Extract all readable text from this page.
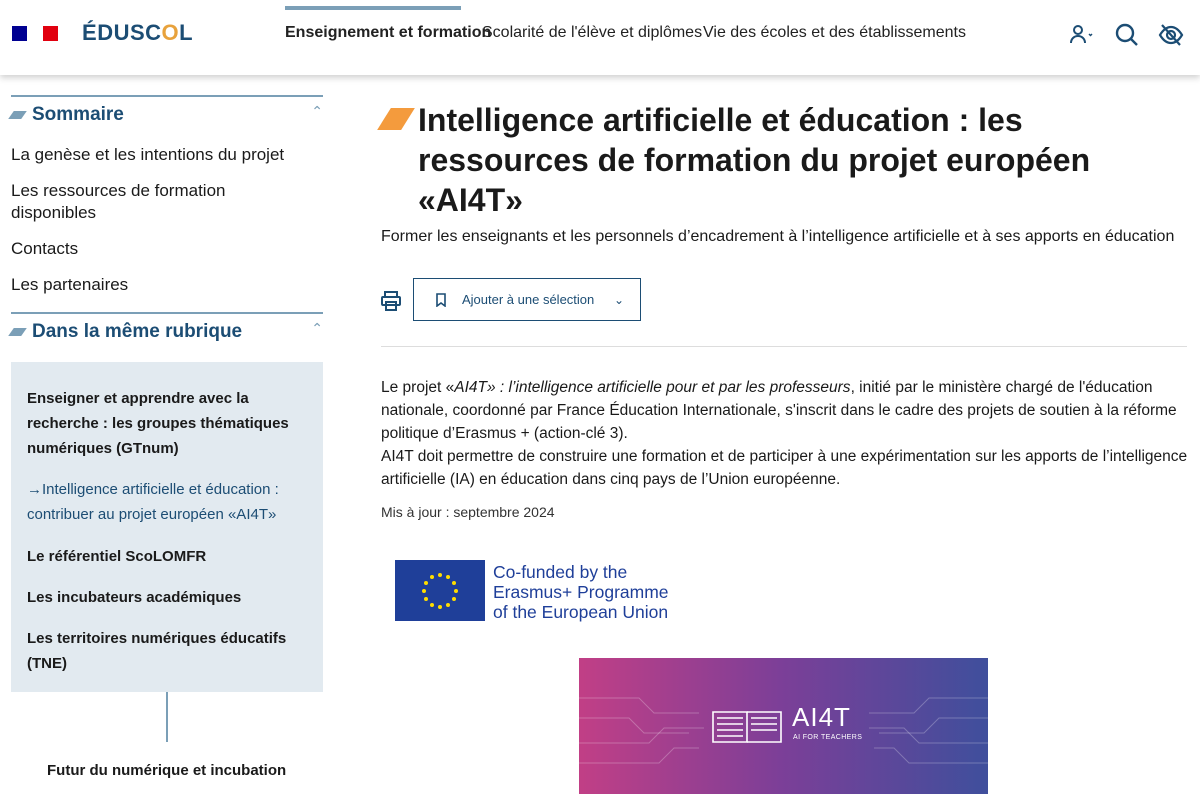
ÉDUSCOL	Enseignement et formation
Scolarité de l'élève et diplômes Vie des écoles et des établissements
Sommaire	⌃
La genèse et les intentions du projet
Les ressources de formation disponibles
Contacts
Les partenaires
Dans la même rubrique	⌃
Enseigner et apprendre avec la recherche : les groupes thématiques numériques (GTnum)
→Intelligence artificielle et éducation : contribuer au projet européen «AI4T»
Le référentiel ScoLOMFR
Les incubateurs académiques
Les territoires numériques éducatifs (TNE)
Futur du numérique et incubation
Intelligence artificielle et éducation : les ressources de formation du projet européen «AI4T»

Former les enseignants et les personnels d’encadrement à l’intelligence artificielle et à ses apports en éducation

Ajouter à une sélection ⌄

Le projet «AI4T» : l’intelligence artificielle pour et par les professeurs, initié par le ministère chargé de l'éducation nationale, coordonné par France Éducation Internationale, s'inscrit dans le cadre des projets de soutien à la réforme politique d’Erasmus + (action-clé 3).

AI4T doit permettre de construire une formation et de participer à une expérimentation sur les apports de l’intelligence artificielle (IA) en éducation dans cinq pays de l’Union européenne.

Mis à jour : septembre 2024

Co-funded by the
Erasmus+ Programme
of the European Union
AI4T
AI FOR TEACHERS
